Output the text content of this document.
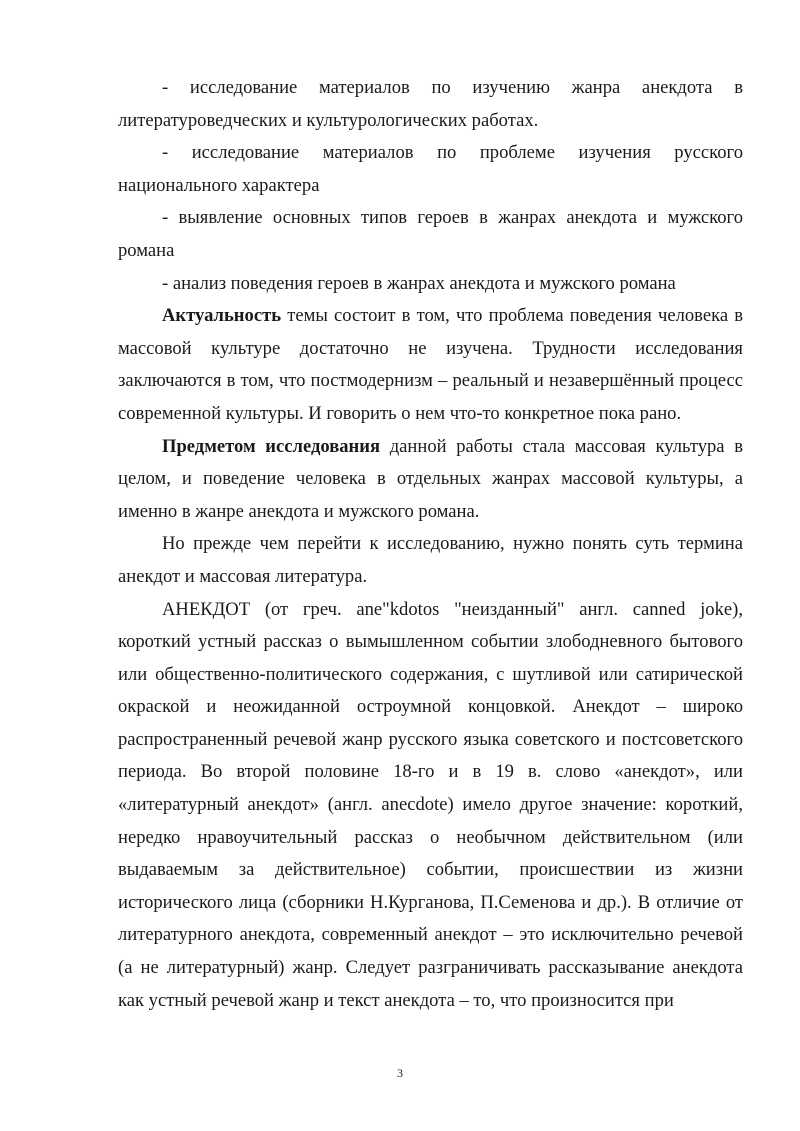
- исследование материалов по изучению жанра анекдота в литературоведческих и культурологических работах.

- исследование материалов по проблеме изучения русского национального характера

- выявление основных типов героев в жанрах анекдота и мужского романа

- анализ поведения героев в жанрах анекдота и мужского романа

Актуальность темы состоит в том, что проблема поведения человека в массовой культуре достаточно не изучена. Трудности исследования заключаются в том, что постмодернизм – реальный и незавершённый процесс современной культуры. И говорить о нем что-то конкретное пока рано.

Предметом исследования данной работы стала массовая культура в целом, и поведение человека в отдельных жанрах массовой культуры, а именно в жанре анекдота и мужского романа.

Но прежде чем перейти к исследованию, нужно понять суть термина анекдот и массовая литература.

АНЕКДОТ (от греч. ane"kdotos "неизданный" англ. canned joke), короткий устный рассказ о вымышленном событии злободневного бытового или общественно-политического содержания, с шутливой или сатирической окраской и неожиданной остроумной концовкой. Анекдот – широко распространенный речевой жанр русского языка советского и постсоветского периода. Во второй половине 18-го и в 19 в. слово «анекдот», или «литературный анекдот» (англ. anecdote) имело другое значение: короткий, нередко нравоучительный рассказ о необычном действительном (или выдаваемым за действительное) событии, происшествии из жизни исторического лица (сборники Н.Курганова, П.Семенова и др.). В отличие от литературного анекдота, современный анекдот – это исключительно речевой (а не литературный) жанр. Следует разграничивать рассказывание анекдота как устный речевой жанр и текст анекдота – то, что произносится при

3
